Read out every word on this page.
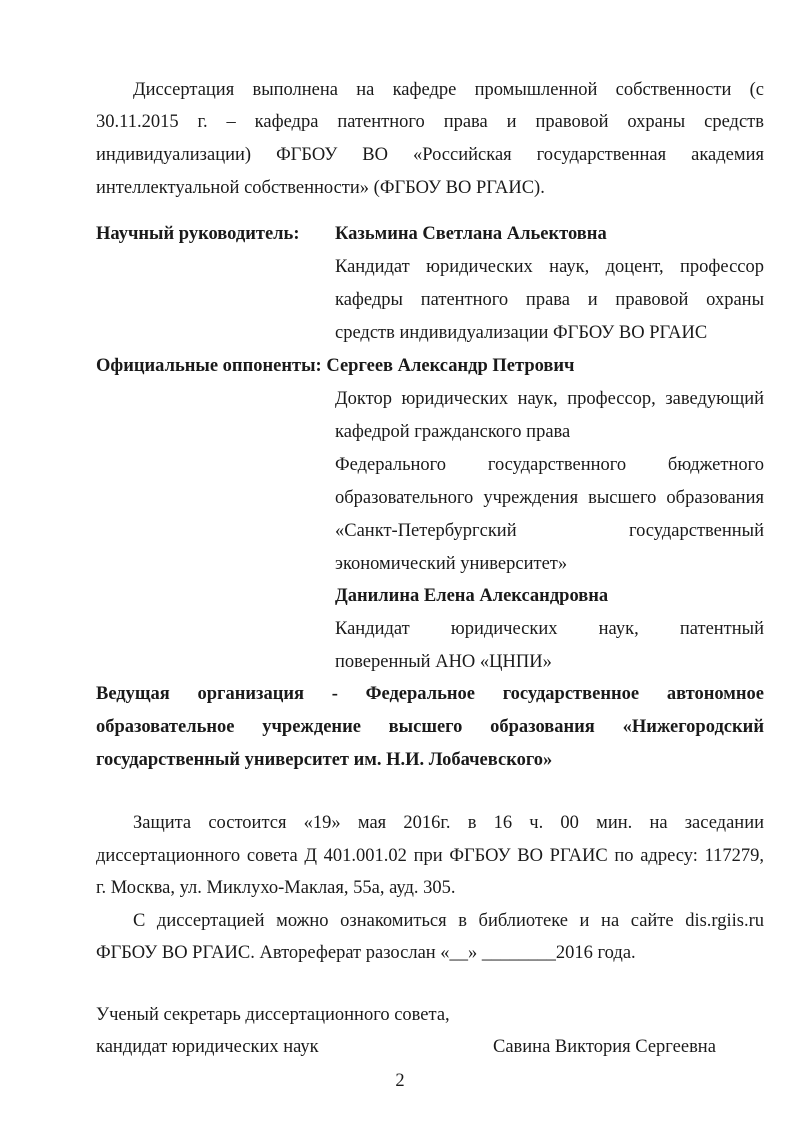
Диссертация выполнена на кафедре промышленной собственности (с
30.11.2015 г. – кафедра патентного права и правовой охраны средств
индивидуализации) ФГБОУ ВО «Российская государственная академия
интеллектуальной собственности» (ФГБОУ ВО РГАИС).
Научный руководитель:	Казьмина Светлана Альектовна
Кандидат юридических наук, доцент, профессор
кафедры патентного права и правовой охраны
средств индивидуализации ФГБОУ ВО РГАИС
Официальные оппоненты: Сергеев Александр Петрович
Доктор юридических наук, профессор, заведующий
кафедрой гражданского права
Федерального государственного бюджетного
образовательного учреждения высшего образования
«Санкт-Петербургский государственный
экономический университет»
Данилина Елена Александровна
Кандидат юридических наук, патентный
поверенный АНО «ЦНПИ»
Ведущая организация - Федеральное государственное автономное
образовательное учреждение высшего образования «Нижегородский
государственный университет им. Н.И. Лобачевского»
Защита состоится «19» мая 2016г. в 16 ч. 00 мин. на заседании
диссертационного совета Д 401.001.02 при ФГБОУ ВО РГАИС по адресу: 117279,
г. Москва, ул. Миклухо-Маклая, 55а, ауд. 305.
С диссертацией можно ознакомиться в библиотеке и на сайте dis.rgiis.ru
ФГБОУ ВО РГАИС. Автореферат разослан «__» ________2016 года.
Ученый секретарь диссертационного совета,
кандидат юридических наук	Савина Виктория Сергеевна
2
